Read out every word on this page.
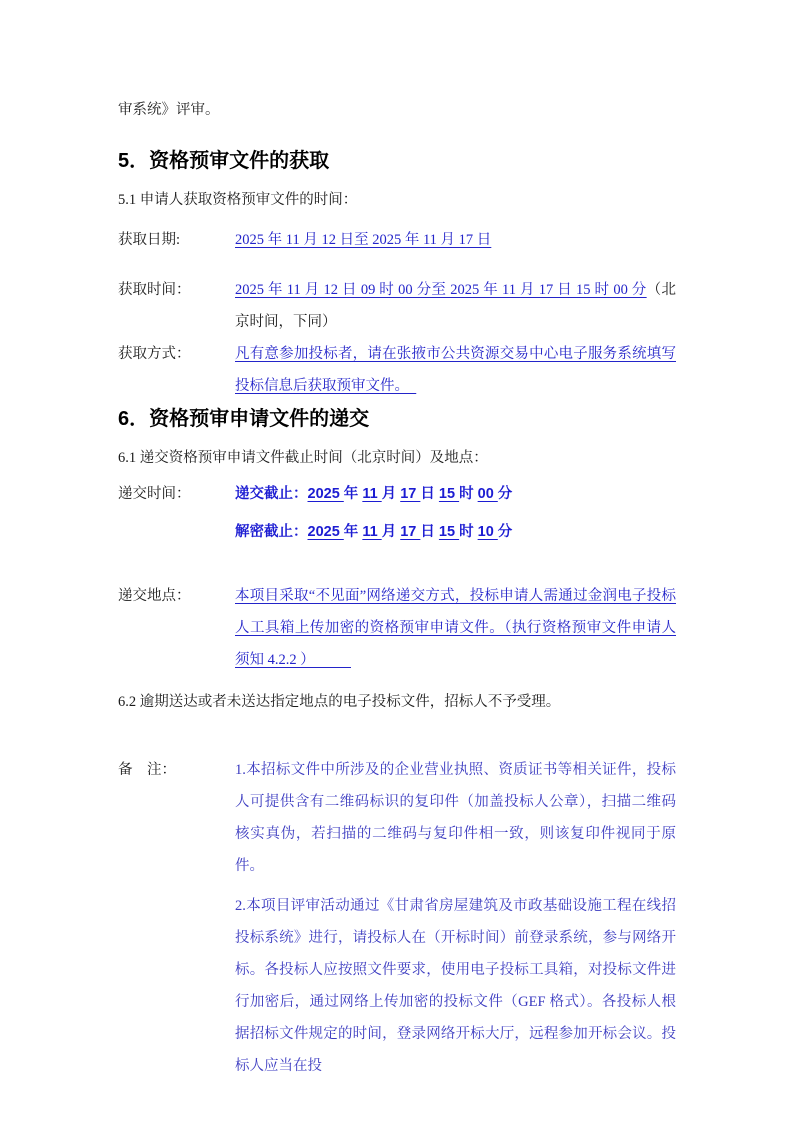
审系统》评审。

5．资格预审文件的获取

5.1 申请人获取资格预审文件的时间：

获取日期:	2025 年 11 月 12 日至 2025 年 11 月 17 日
获取时间：	2025 年 11 月 12 日 09 时 00 分至 2025 年 11 月 17 日 15 时 00 分（北京时间，下同）
获取方式：	凡有意参加投标者，请在张掖市公共资源交易中心电子服务系统填写投标信息后获取预审文件。　
6．资格预审申请文件的递交

6.1 递交资格预审申请文件截止时间（北京时间）及地点：

递交时间：	递交截止：2025 年 11 月 17 日 15 时 00 分

解密截止：2025 年 11 月 17 日 15 时 10 分

递交地点：	本项目采取“不见面”网络递交方式，投标申请人需通过金润电子投标人工具箱上传加密的资格预审申请文件。（执行资格预审文件申请人须知 4.2.2 ）　　　

6.2 逾期送达或者未送达指定地点的电子投标文件，招标人不予受理。

备　注：	1.本招标文件中所涉及的企业营业执照、资质证书等相关证件，投标人可提供含有二维码标识的复印件（加盖投标人公章），扫描二维码核实真伪，若扫描的二维码与复印件相一致，则该复印件视同于原件。

2.本项目评审活动通过《甘肃省房屋建筑及市政基础设施工程在线招投标系统》进行，请投标人在（开标时间）前登录系统，参与网络开标。各投标人应按照文件要求，使用电子投标工具箱，对投标文件进行加密后，通过网络上传加密的投标文件（GEF 格式）。各投标人根据招标文件规定的时间，登录网络开标大厅，远程参加开标会议。投标人应当在投
